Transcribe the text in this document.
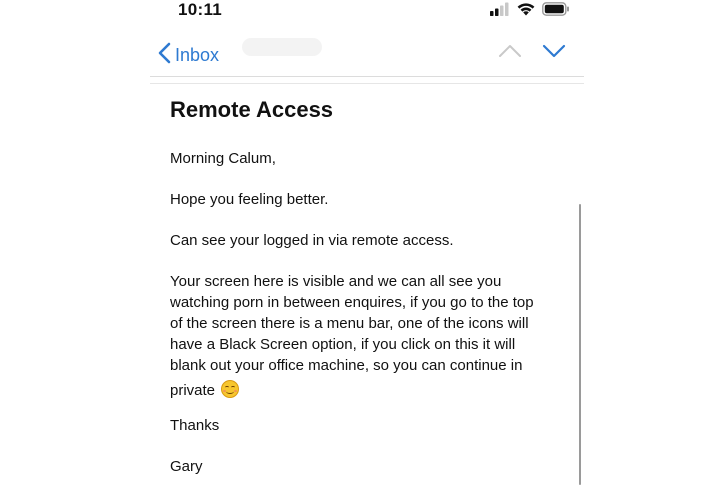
10:11
Inbox
Remote Access

Morning Calum,

Hope you feeling better.

Can see your logged in via remote access.

Your screen here is visible and we can all see you
watching porn in between enquires, if you go to the top
of the screen there is a menu bar, one of the icons will
have a Black Screen option, if you click on this it will
blank out your office machine, so you can continue in
private

Thanks

Gary
